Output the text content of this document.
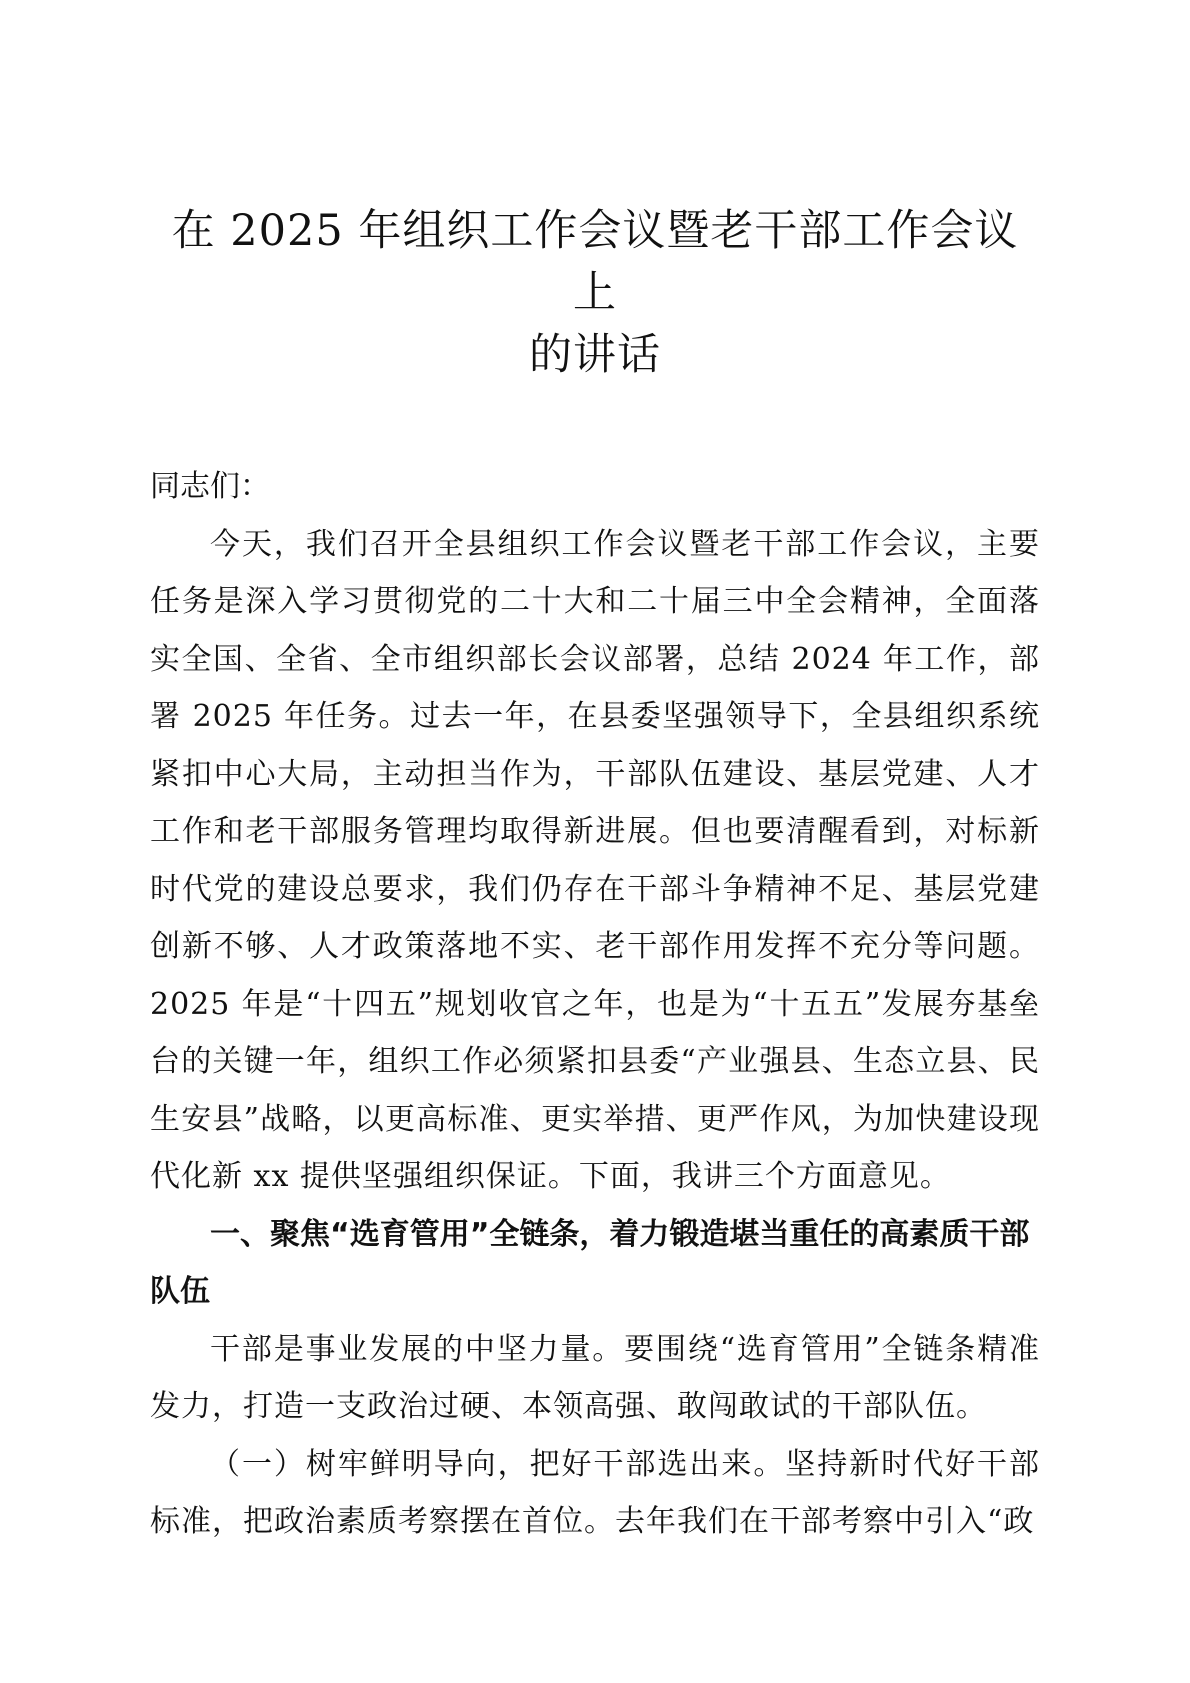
在 2025 年组织工作会议暨老干部工作会议上
的讲话
同志们：

今天，我们召开全县组织工作会议暨老干部工作会议，主要任务是深入学习贯彻党的二十大和二十届三中全会精神，全面落实全国、全省、全市组织部长会议部署，总结 2024 年工作，部署 2025 年任务。过去一年，在县委坚强领导下，全县组织系统紧扣中心大局，主动担当作为，干部队伍建设、基层党建、人才工作和老干部服务管理均取得新进展。但也要清醒看到，对标新时代党的建设总要求，我们仍存在干部斗争精神不足、基层党建创新不够、人才政策落地不实、老干部作用发挥不充分等问题。2025 年是“十四五”规划收官之年，也是为“十五五”发展夯基垒台的关键一年，组织工作必须紧扣县委“产业强县、生态立县、民生安县”战略，以更高标准、更实举措、更严作风，为加快建设现代化新 xx 提供坚强组织保证。下面，我讲三个方面意见。

一、聚焦“选育管用”全链条，着力锻造堪当重任的高素质干部队伍

干部是事业发展的中坚力量。要围绕“选育管用”全链条精准发力，打造一支政治过硬、本领高强、敢闯敢试的干部队伍。

（一）树牢鲜明导向，把好干部选出来。坚持新时代好干部标准，把政治素质考察摆在首位。去年我们在干部考察中引入“政
